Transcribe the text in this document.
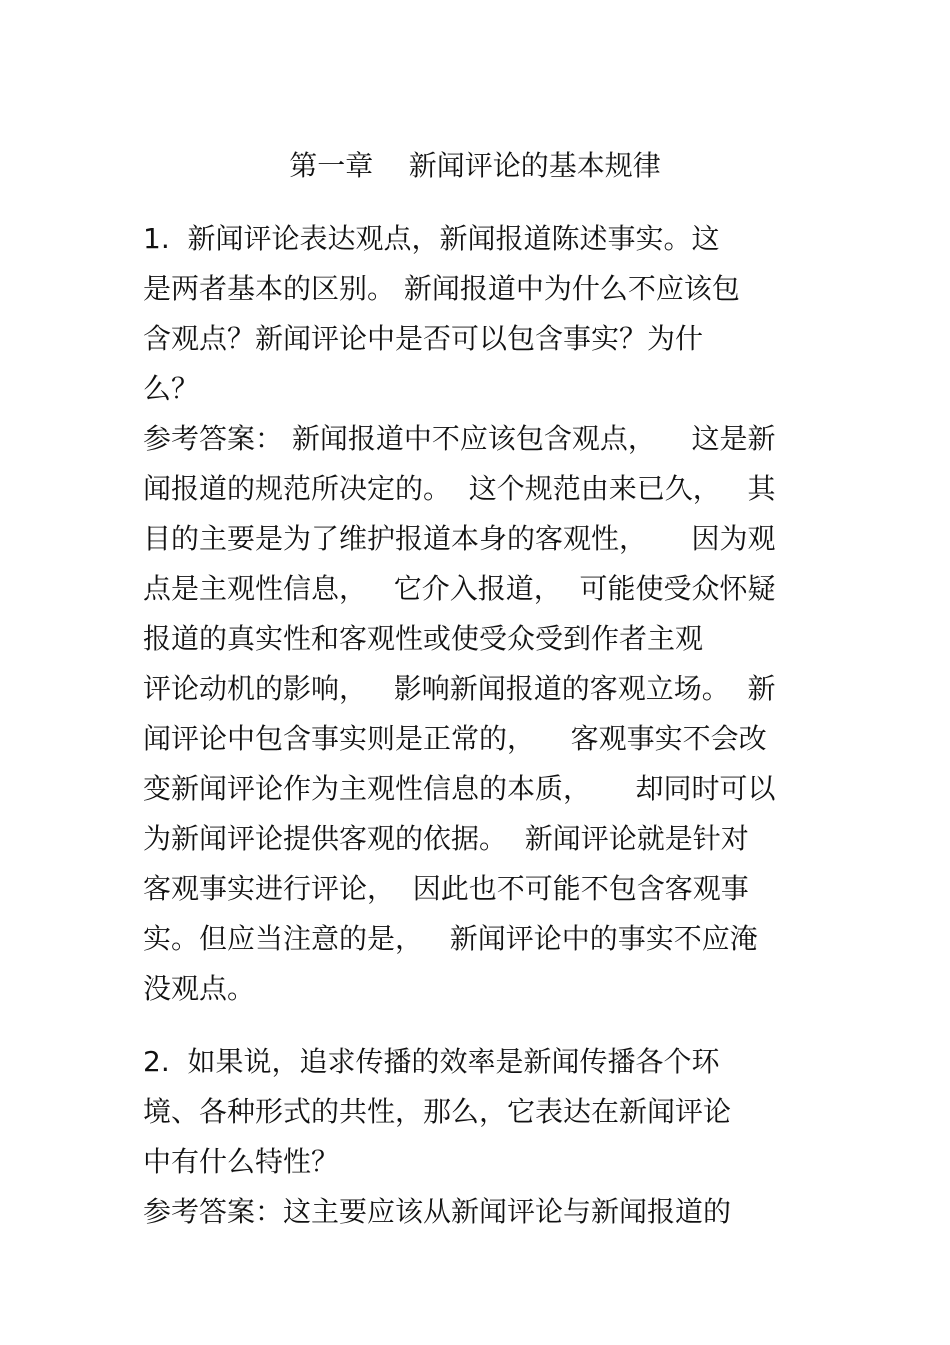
第一章    新闻评论的基本规律
1.  新闻评论表达观点，新闻报道陈述事实。这
是两者基本的区别。 新闻报道中为什么不应该包
含观点？新闻评论中是否可以包含事实？为什
么？
参考答案： 新闻报道中不应该包含观点，    这是新
闻报道的规范所决定的。  这个规范由来已久，   其
目的主要是为了维护报道本身的客观性，     因为观
点是主观性信息，   它介入报道，  可能使受众怀疑
报道的真实性和客观性或使受众受到作者主观
评论动机的影响，   影响新闻报道的客观立场。  新
闻评论中包含事实则是正常的，    客观事实不会改
变新闻评论作为主观性信息的本质，     却同时可以
为新闻评论提供客观的依据。  新闻评论就是针对
客观事实进行评论，  因此也不可能不包含客观事
实。但应当注意的是，   新闻评论中的事实不应淹
没观点。
2.  如果说，追求传播的效率是新闻传播各个环
境、各种形式的共性，那么，它表达在新闻评论
中有什么特性？
参考答案：这主要应该从新闻评论与新闻报道的
